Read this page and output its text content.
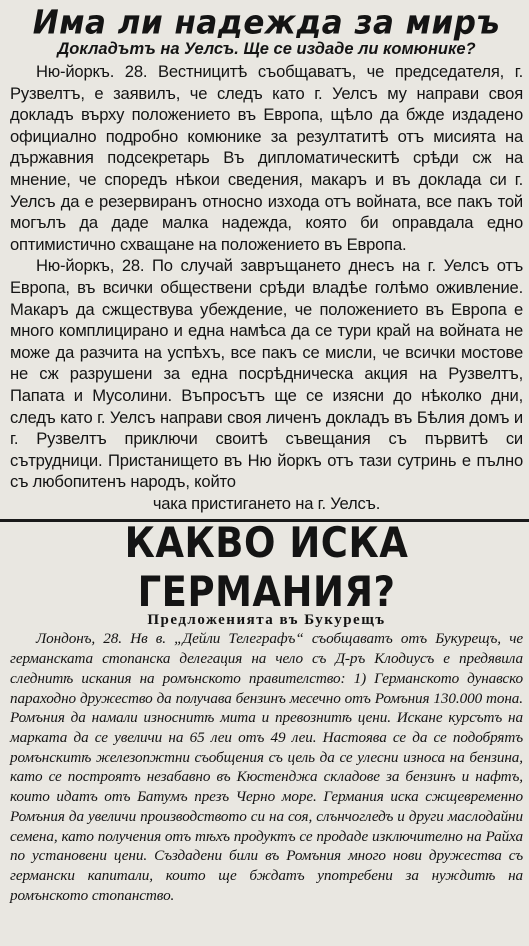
Има ли надежда за миръ
Докладътъ на Уелсъ. Ще се издаде ли комюнике?

Ню-йоркъ. 28. Вестницитѣ съобщаватъ, че председателя, г. Рузвелтъ, е заявилъ, че следъ като г. Уелсъ му направи своя докладъ върху положението въ Европа, щѣло да бжде издадено официално подробно комюнике за резултатитѣ отъ мисията на държавния подсекретарь Въ дипломатическитѣ срѣди сж на мнение, че споредъ нѣкои сведения, макаръ и въ доклада си г. Уелсъ да е резервиранъ относно изхода отъ войната, все пакъ той могълъ да даде малка надежда, която би оправдала едно оптимистично схващане на положението въ Европа.

Ню-йоркъ, 28. По случай завръщането днесъ на г. Уелсъ отъ Европа, въ всички обществени срѣди владѣе голѣмо оживление. Макаръ да сжществува убеждение, че положението въ Европа е много комплицирано и една намѣса да се тури край на войната не може да разчита на успѣхъ, все пакъ се мисли, че всички мостове не сж разрушени за една посрѣдническа акция на Рузвелтъ, Папата и Мусолини. Въпросътъ ще се изясни до нѣколко дни, следъ като г. Уелсъ направи своя личенъ докладъ въ Бѣлия домъ и г. Рузвелтъ приключи своитѣ съвещания съ първитѣ си сътрудници. Пристанището въ Ню йоркъ отъ тази сутринь е пълно съ любопитенъ народъ, който

чака пристигането на г. Уелсъ.

КАКВО ИСКА ГЕРМАНИЯ?
Предложенията въ Букурещъ

Лондонъ, 28. Нв в. „Дейли Телеграфъ“ съобщаватъ отъ Букурещъ, че германската стопанска делегация на чело съ Д-ръ Клодиусъ е предявила следнитѣ искания на ромънското правителство: 1) Германското дунавско параходно дружество да получава бензинъ месечно отъ Ромъния 130.000 тона. Ромъния да намали износнитѣ мита и превознитѣ цени. Искане курсътъ на марката да се увеличи на 65 леи отъ 49 леи. Настоява се да се подобрятъ ромънскитѣ железопжтни съобщения съ цель да се улесни износа на бензина, като се построятъ незабавно въ Кюстенджа складове за бензинъ и нафтъ, които идатъ отъ Батумъ презъ Черно море. Германия иска сжщевременно Ромъния да увеличи производството си на соя, слънчогледъ и други маслодайни семена, като получения отъ тѣхъ продуктъ се продаде изключително на Райха по установени цени. Създадени били въ Ромъния много нови дружества съ германски капитали, които ще бждатъ употребени за нуждитѣ на ромънското стопанство.
